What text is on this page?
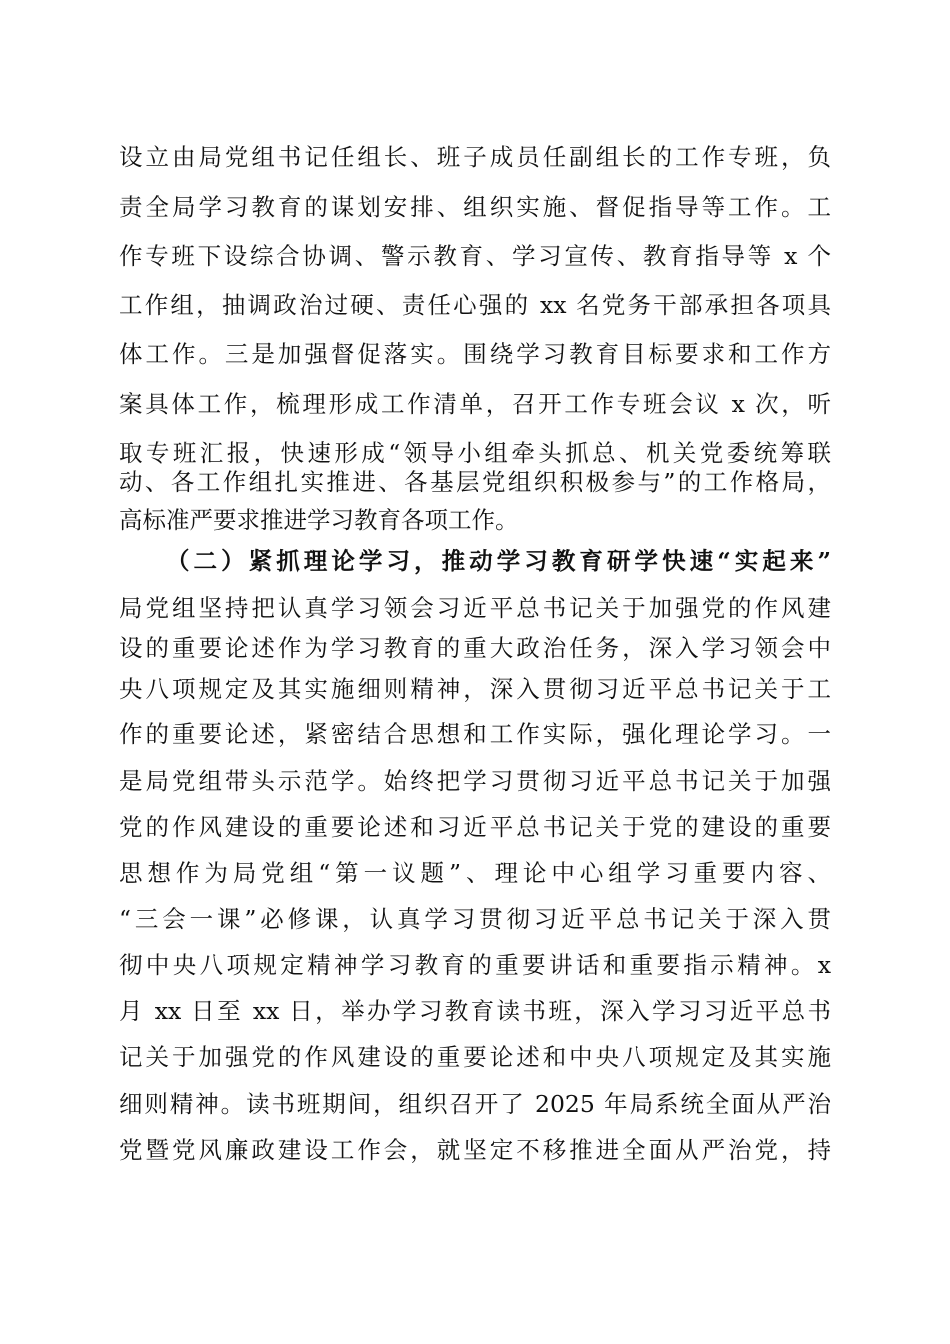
设立由局党组书记任组长、班子成员任副组长的工作专班，负
责全局学习教育的谋划安排、组织实施、督促指导等工作。工
作专班下设综合协调、警示教育、学习宣传、教育指导等 x 个
工作组，抽调政治过硬、责任心强的 xx 名党务干部承担各项具
体工作。三是加强督促落实。围绕学习教育目标要求和工作方
案具体工作，梳理形成工作清单，召开工作专班会议 x 次，听
取专班汇报，快速形成“领导小组牵头抓总、机关党委统筹联
动、各工作组扎实推进、各基层党组织积极参与”的工作格局，
高标准严要求推进学习教育各项工作。
（二）紧抓理论学习，推动学习教育研学快速“实起来”
局党组坚持把认真学习领会习近平总书记关于加强党的作风建
设的重要论述作为学习教育的重大政治任务，深入学习领会中
央八项规定及其实施细则精神，深入贯彻习近平总书记关于工
作的重要论述，紧密结合思想和工作实际，强化理论学习。一
是局党组带头示范学。始终把学习贯彻习近平总书记关于加强
党的作风建设的重要论述和习近平总书记关于党的建设的重要
思想作为局党组“第一议题”、理论中心组学习重要内容、
“三会一课”必修课，认真学习贯彻习近平总书记关于深入贯
彻中央八项规定精神学习教育的重要讲话和重要指示精神。x
月 xx 日至 xx 日，举办学习教育读书班，深入学习习近平总书
记关于加强党的作风建设的重要论述和中央八项规定及其实施
细则精神。读书班期间，组织召开了 2025 年局系统全面从严治
党暨党风廉政建设工作会，就坚定不移推进全面从严治党，持
